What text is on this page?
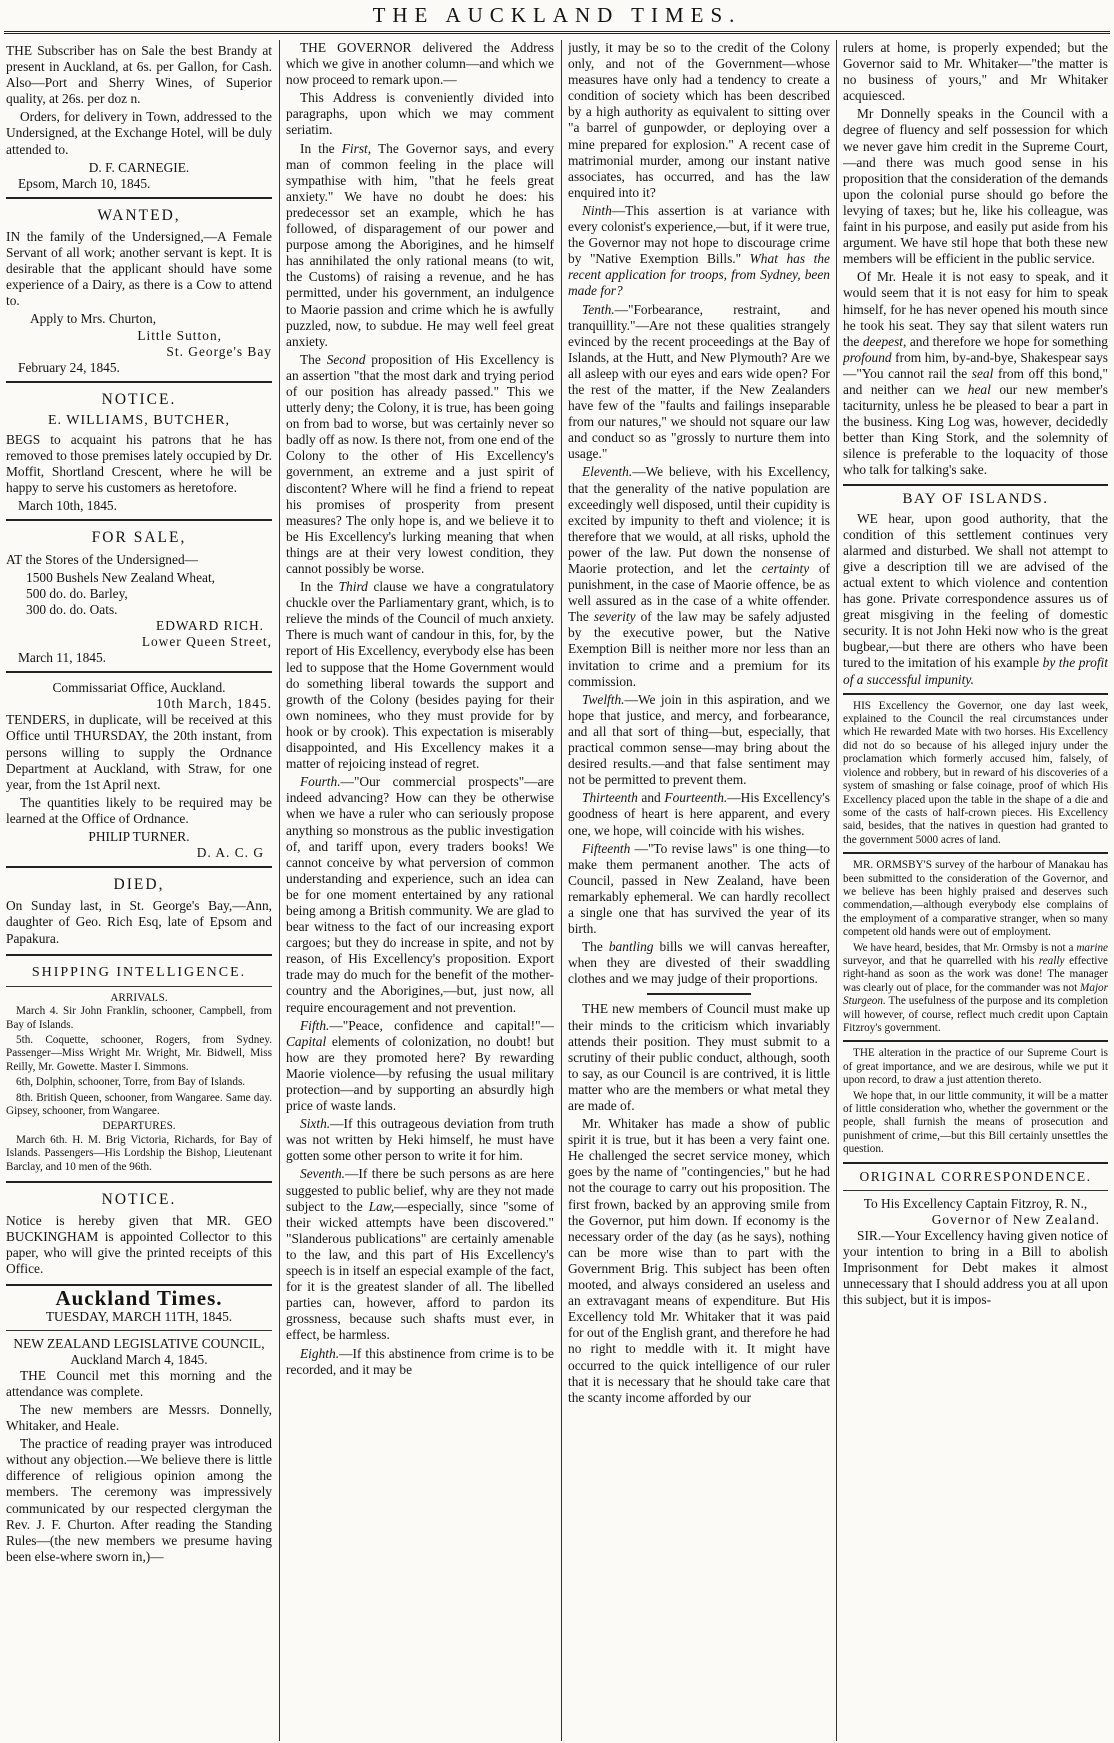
THE AUCKLAND TIMES.

THE Subscriber has on Sale the best Brandy at present in Auckland, at 6s. per Gallon, for Cash. Also—Port and Sherry Wines, of Superior quality, at 26s. per doz n.

Orders, for delivery in Town, addressed to the Undersigned, at the Exchange Hotel, will be duly attended to.

D. F. CARNEGIE.
Epsom, March 10, 1845.
WANTED,

IN the family of the Undersigned,—A Female Servant of all work; another servant is kept. It is desirable that the applicant should have some experience of a Dairy, as there is a Cow to attend to.

Apply to Mrs. Churton,
Little Sutton,
St. George's Bay
February 24, 1845.
NOTICE.
E. WILLIAMS, BUTCHER,

BEGS to acquaint his patrons that he has removed to those premises lately occupied by Dr. Moffit, Shortland Crescent, where he will be happy to serve his customers as heretofore.

March 10th, 1845.
FOR SALE,

AT the Stores of the Undersigned—

1500 Bushels New Zealand Wheat,
500 do. do. Barley,
300 do. do. Oats.
EDWARD RICH.
Lower Queen Street,
March 11, 1845.
Commissariat Office, Auckland.
10th March, 1845.

TENDERS, in duplicate, will be received at this Office until THURSDAY, the 20th instant, from persons willing to supply the Ordnance Department at Auckland, with Straw, for one year, from the 1st April next.

The quantities likely to be required may be learned at the Office of Ordnance.

PHILIP TURNER.
D. A. C. G
DIED,

On Sunday last, in St. George's Bay,—Ann, daughter of Geo. Rich Esq, late of Epsom and Papakura.

SHIPPING INTELLIGENCE.
ARRIVALS.

March 4. Sir John Franklin, schooner, Campbell, from Bay of Islands.

5th. Coquette, schooner, Rogers, from Sydney. Passenger—Miss Wright Mr. Wright, Mr. Bidwell, Miss Reilly, Mr. Gowette. Master I. Simmons.

6th, Dolphin, schooner, Torre, from Bay of Islands.

8th. British Queen, schooner, from Wangaree. Same day. Gipsey, schooner, from Wangaree.

DEPARTURES.

March 6th. H. M. Brig Victoria, Richards, for Bay of Islands. Passengers—His Lordship the Bishop, Lieutenant Barclay, and 10 men of the 96th.

NOTICE.

Notice is hereby given that MR. GEO BUCKINGHAM is appointed Collector to this paper, who will give the printed receipts of this Office.

Auckland Times.
TUESDAY, MARCH 11TH, 1845.
NEW ZEALAND LEGISLATIVE COUNCIL, Auckland March 4, 1845.

THE Council met this morning and the attendance was complete.

The new members are Messrs. Donnelly, Whitaker, and Heale.

The practice of reading prayer was introduced without any objection.—We believe there is little difference of religious opinion among the members. The ceremony was impressively communicated by our respected clergyman the Rev. J. F. Churton. After reading the Standing Rules—(the new members we presume having been else-where sworn in,)—

THE GOVERNOR delivered the Address which we give in another column—and which we now proceed to remark upon.—

This Address is conveniently divided into paragraphs, upon which we may comment seriatim.

In the First, The Governor says, and every man of common feeling in the place will sympathise with him, "that he feels great anxiety." We have no doubt he does: his predecessor set an example, which he has followed, of disparagement of our power and purpose among the Aborigines, and he himself has annihilated the only rational means (to wit, the Customs) of raising a revenue, and he has permitted, under his government, an indulgence to Maorie passion and crime which he is awfully puzzled, now, to subdue. He may well feel great anxiety.

The Second proposition of His Excellency is an assertion "that the most dark and trying period of our position has already passed." This we utterly deny; the Colony, it is true, has been going on from bad to worse, but was certainly never so badly off as now. Is there not, from one end of the Colony to the other of His Excellency's government, an extreme and a just spirit of discontent? Where will he find a friend to repeat his promises of prosperity from present measures? The only hope is, and we believe it to be His Excellency's lurking meaning that when things are at their very lowest condition, they cannot possibly be worse.

In the Third clause we have a congratulatory chuckle over the Parliamentary grant, which, is to relieve the minds of the Council of much anxiety. There is much want of candour in this, for, by the report of His Excellency, everybody else has been led to suppose that the Home Government would do something liberal towards the support and growth of the Colony (besides paying for their own nominees, who they must provide for by hook or by crook). This expectation is miserably disappointed, and His Excellency makes it a matter of rejoicing instead of regret.

Fourth.—"Our commercial prospects"—are indeed advancing? How can they be otherwise when we have a ruler who can seriously propose anything so monstrous as the public investigation of, and tariff upon, every traders books! We cannot conceive by what perversion of common understanding and experience, such an idea can be for one moment entertained by any rational being among a British community. We are glad to bear witness to the fact of our increasing export cargoes; but they do increase in spite, and not by reason, of His Excellency's proposition. Export trade may do much for the benefit of the mother-country and the Aborigines,—but, just now, all require encouragement and not prevention.

Fifth.—"Peace, confidence and capital!"—Capital elements of colonization, no doubt! but how are they promoted here? By rewarding Maorie violence—by refusing the usual military protection—and by supporting an absurdly high price of waste lands.

Sixth.—If this outrageous deviation from truth was not written by Heki himself, he must have gotten some other person to write it for him.

Seventh.—If there be such persons as are here suggested to public belief, why are they not made subject to the Law,—especially, since "some of their wicked attempts have been discovered." "Slanderous publications" are certainly amenable to the law, and this part of His Excellency's speech is in itself an especial example of the fact, for it is the greatest slander of all. The libelled parties can, however, afford to pardon its grossness, because such shafts must ever, in effect, be harmless.

Eighth.—If this abstinence from crime is to be recorded, and it may be

justly, it may be so to the credit of the Colony only, and not of the Government—whose measures have only had a tendency to create a condition of society which has been described by a high authority as equivalent to sitting over "a barrel of gunpowder, or deploying over a mine prepared for explosion." A recent case of matrimonial murder, among our instant native associates, has occurred, and has the law enquired into it?

Ninth—This assertion is at variance with every colonist's experience,—but, if it were true, the Governor may not hope to discourage crime by "Native Exemption Bills." What has the recent application for troops, from Sydney, been made for?

Tenth.—"Forbearance, restraint, and tranquillity."—Are not these qualities strangely evinced by the recent proceedings at the Bay of Islands, at the Hutt, and New Plymouth? Are we all asleep with our eyes and ears wide open? For the rest of the matter, if the New Zealanders have few of the "faults and failings inseparable from our natures," we should not square our law and conduct so as "grossly to nurture them into usage."

Eleventh.—We believe, with his Excellency, that the generality of the native population are exceedingly well disposed, until their cupidity is excited by impunity to theft and violence; it is therefore that we would, at all risks, uphold the power of the law. Put down the nonsense of Maorie protection, and let the certainty of punishment, in the case of Maorie offence, be as well assured as in the case of a white offender. The severity of the law may be safely adjusted by the executive power, but the Native Exemption Bill is neither more nor less than an invitation to crime and a premium for its commission.

Twelfth.—We join in this aspiration, and we hope that justice, and mercy, and forbearance, and all that sort of thing—but, especially, that practical common sense—may bring about the desired results.—and that false sentiment may not be permitted to prevent them.

Thirteenth and Fourteenth.—His Excellency's goodness of heart is here apparent, and every one, we hope, will coincide with his wishes.

Fifteenth —"To revise laws" is one thing—to make them permanent another. The acts of Council, passed in New Zealand, have been remarkably ephemeral. We can hardly recollect a single one that has survived the year of its birth.

The bantling bills we will canvas hereafter, when they are divested of their swaddling clothes and we may judge of their proportions.

THE new members of Council must make up their minds to the criticism which invariably attends their position. They must submit to a scrutiny of their public conduct, although, sooth to say, as our Council is are contrived, it is little matter who are the members or what metal they are made of.

Mr. Whitaker has made a show of public spirit it is true, but it has been a very faint one. He challenged the secret service money, which goes by the name of "contingencies," but he had not the courage to carry out his proposition. The first frown, backed by an approving smile from the Governor, put him down. If economy is the necessary order of the day (as he says), nothing can be more wise than to part with the Government Brig. This subject has been often mooted, and always considered an useless and an extravagant means of expenditure. But His Excellency told Mr. Whitaker that it was paid for out of the English grant, and therefore he had no right to meddle with it. It might have occurred to the quick intelligence of our ruler that it is necessary that he should take care that the scanty income afforded by our

rulers at home, is properly expended; but the Governor said to Mr. Whitaker—"the matter is no business of yours," and Mr Whitaker acquiesced.

Mr Donnelly speaks in the Council with a degree of fluency and self possession for which we never gave him credit in the Supreme Court,—and there was much good sense in his proposition that the consideration of the demands upon the colonial purse should go before the levying of taxes; but he, like his colleague, was faint in his purpose, and easily put aside from his argument. We have stil hope that both these new members will be efficient in the public service.

Of Mr. Heale it is not easy to speak, and it would seem that it is not easy for him to speak himself, for he has never opened his mouth since he took his seat. They say that silent waters run the deepest, and therefore we hope for something profound from him, by-and-bye, Shakespear says—"You cannot rail the seal from off this bond," and neither can we heal our new member's taciturnity, unless he be pleased to bear a part in the business. King Log was, however, decidedly better than King Stork, and the solemnity of silence is preferable to the loquacity of those who talk for talking's sake.

BAY OF ISLANDS.

WE hear, upon good authority, that the condition of this settlement continues very alarmed and disturbed. We shall not attempt to give a description till we are advised of the actual extent to which violence and contention has gone. Private correspondence assures us of great misgiving in the feeling of domestic security. It is not John Heki now who is the great bugbear,—but there are others who have been tured to the imitation of his example by the profit of a successful impunity.

HIS Excellency the Governor, one day last week, explained to the Council the real circumstances under which He rewarded Mate with two horses. His Excellency did not do so because of his alleged injury under the proclamation which formerly accused him, falsely, of violence and robbery, but in reward of his discoveries of a system of smashing or false coinage, proof of which His Excellency placed upon the table in the shape of a die and some of the casts of half-crown pieces. His Excellency said, besides, that the natives in question had granted to the government 5000 acres of land.

MR. ORMSBY'S survey of the harbour of Manakau has been submitted to the consideration of the Governor, and we believe has been highly praised and deserves such commendation,—although everybody else complains of the employment of a comparative stranger, when so many competent old hands were out of employment.

We have heard, besides, that Mr. Ormsby is not a marine surveyor, and that he quarrelled with his really effective right-hand as soon as the work was done! The manager was clearly out of place, for the commander was not Major Sturgeon. The usefulness of the purpose and its completion will however, of course, reflect much credit upon Captain Fitzroy's government.

THE alteration in the practice of our Supreme Court is of great importance, and we are desirous, while we put it upon record, to draw a just attention thereto.

We hope that, in our little community, it will be a matter of little consideration who, whether the government or the people, shall furnish the means of prosecution and punishment of crime,—but this Bill certainly unsettles the question.

ORIGINAL CORRESPONDENCE.
To His Excellency Captain Fitzroy, R. N.,
Governor of New Zealand.

SIR.—Your Excellency having given notice of your intention to bring in a Bill to abolish Imprisonment for Debt makes it almost unnecessary that I should address you at all upon this subject, but it is impos-
